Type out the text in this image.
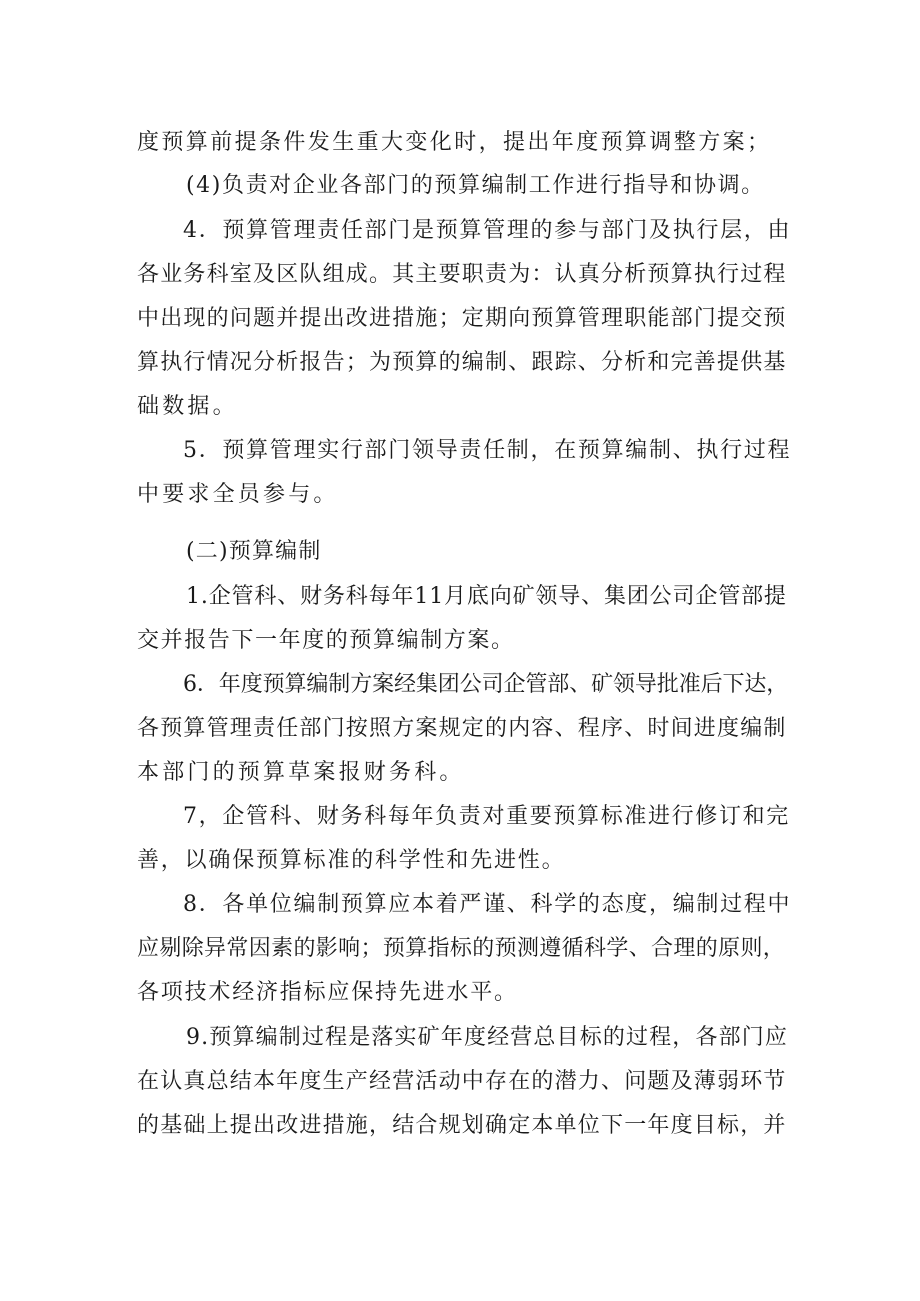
度预算前提条件发生重大变化时，提出年度预算调整方案；
(4)负责对企业各部门的预算编制工作进行指导和协调。
4．预算管理责任部门是预算管理的参与部门及执行层，由
各业务科室及区队组成。其主要职责为：认真分析预算执行过程
中出现的问题并提出改进措施；定期向预算管理职能部门提交预
算执行情况分析报告；为预算的编制、跟踪、分析和完善提供基
础数据。
5．预算管理实行部门领导责任制，在预算编制、执行过程
中要求全员参与。
(二)预算编制
1.企管科、财务科每年11月底向矿领导、集团公司企管部提
交并报告下一年度的预算编制方案。
6．年度预算编制方案经集团公司企管部、矿领导批准后下达，
各预算管理责任部门按照方案规定的内容、程序、时间进度编制
本部门的预算草案报财务科。
7，企管科、财务科每年负责对重要预算标准进行修订和完
善，以确保预算标准的科学性和先进性。
8．各单位编制预算应本着严谨、科学的态度，编制过程中
应剔除异常因素的影响；预算指标的预测遵循科学、合理的原则，
各项技术经济指标应保持先进水平。
9.预算编制过程是落实矿年度经营总目标的过程，各部门应
在认真总结本年度生产经营活动中存在的潜力、问题及薄弱环节
的基础上提出改进措施，结合规划确定本单位下一年度目标，并
